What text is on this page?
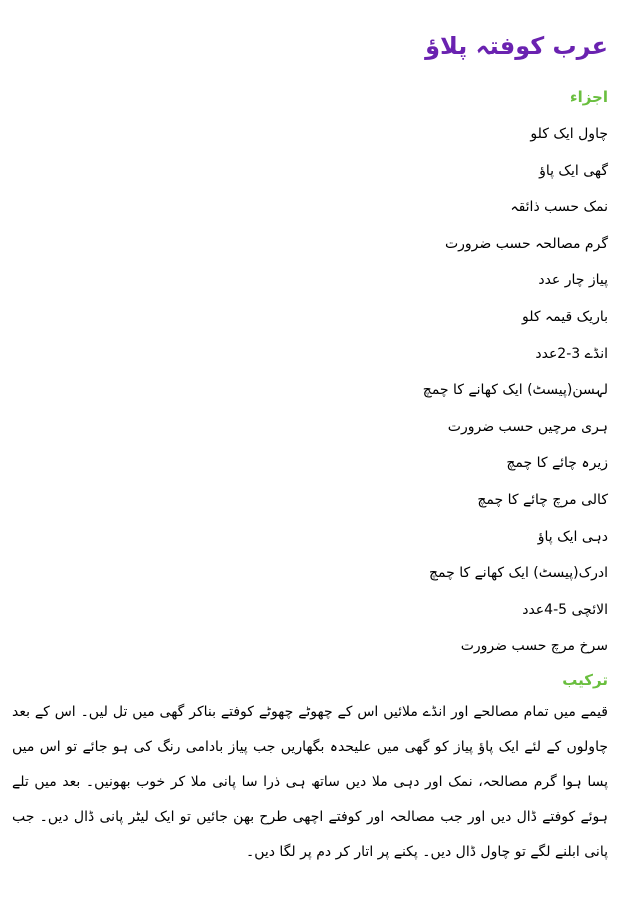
عرب کوفتہ پلاؤ
اجزاء
چاول ایک کلو
گھی ایک پاؤ
نمک حسب ذائقہ
گرم مصالحہ حسب ضرورت
پیاز چار عدد
باریک قیمہ کلو
انڈے 3-2عدد
لہسن(پیسٹ) ایک کھانے کا چمچ
ہری مرچیں حسب ضرورت
زیرہ چائے کا چمچ
کالی مرچ چائے کا چمچ
دہی ایک پاؤ
ادرک(پیسٹ) ایک کھانے کا چمچ
الائچی 5-4عدد
سرخ مرچ حسب ضرورت
ترکیب

قیمے میں تمام مصالحے اور انڈے ملائیں اس کے چھوٹے چھوٹے کوفتے بناکر گھی میں تل لیں۔ اس کے بعد چاولوں کے لئے ایک پاؤ پیاز کو گھی میں علیحدہ بگھاریں جب پیاز بادامی رنگ کی ہو جائے تو اس میں پسا ہوا گرم مصالحہ، نمک اور دہی ملا دیں ساتھ ہی ذرا سا پانی ملا کر خوب بھونیں۔ بعد میں تلے ہوئے کوفتے ڈال دیں اور جب مصالحہ اور کوفتے اچھی طرح بھن جائیں تو ایک لیٹر پانی ڈال دیں۔ جب پانی ابلنے لگے تو چاول ڈال دیں۔ پکنے پر اتار کر دم پر لگا دیں۔
